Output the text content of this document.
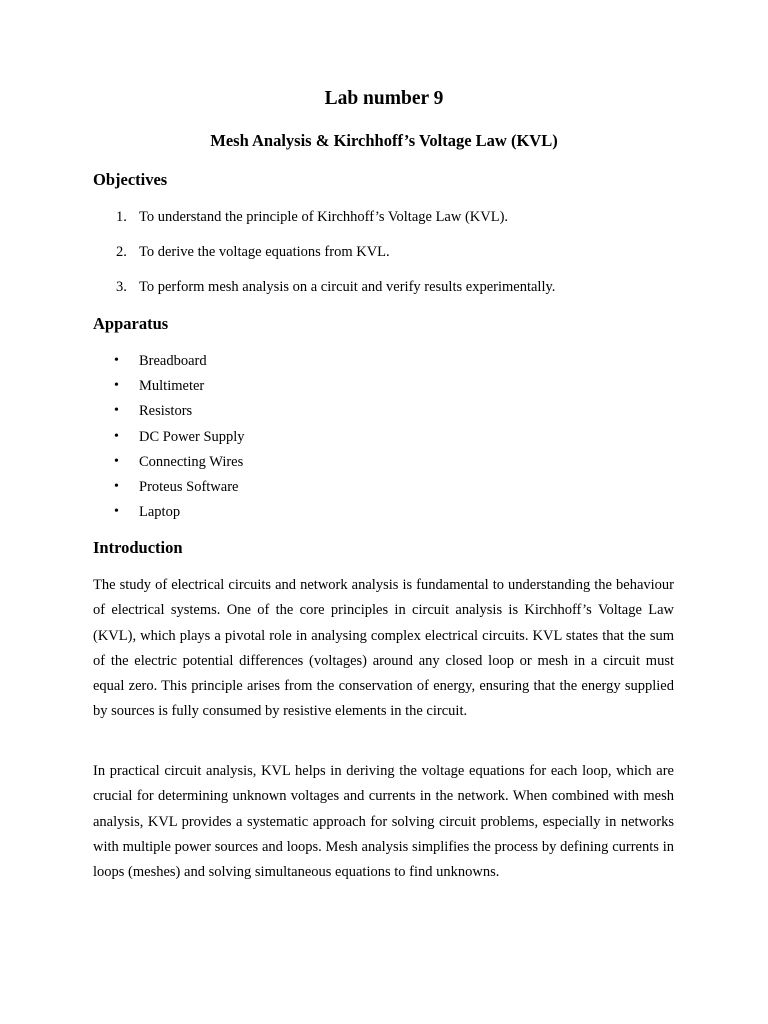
Lab number 9
Mesh Analysis & Kirchhoff’s Voltage Law (KVL)
Objectives
1. To understand the principle of Kirchhoff’s Voltage Law (KVL).
2. To derive the voltage equations from KVL.
3. To perform mesh analysis on a circuit and verify results experimentally.
Apparatus
• Breadboard
• Multimeter
• Resistors
• DC Power Supply
• Connecting Wires
• Proteus Software
• Laptop
Introduction

The study of electrical circuits and network analysis is fundamental to understanding the behaviour of electrical systems. One of the core principles in circuit analysis is Kirchhoff’s Voltage Law (KVL), which plays a pivotal role in analysing complex electrical circuits. KVL states that the sum of the electric potential differences (voltages) around any closed loop or mesh in a circuit must equal zero. This principle arises from the conservation of energy, ensuring that the energy supplied by sources is fully consumed by resistive elements in the circuit.

In practical circuit analysis, KVL helps in deriving the voltage equations for each loop, which are crucial for determining unknown voltages and currents in the network. When combined with mesh analysis, KVL provides a systematic approach for solving circuit problems, especially in networks with multiple power sources and loops. Mesh analysis simplifies the process by defining currents in loops (meshes) and solving simultaneous equations to find unknowns.
